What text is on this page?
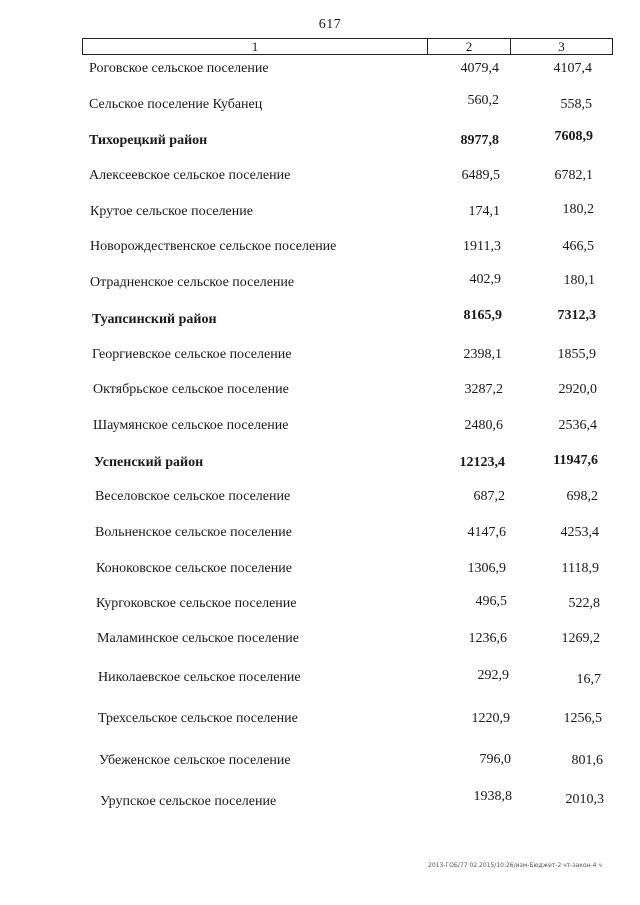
617
1	2	3
Роговское сельское поселение	4079,4	4107,4
Сельское поселение Кубанец	560,2	558,5
Тихорецкий район	8977,8	7608,9
Алексеевское сельское поселение	6489,5	6782,1
Крутое сельское поселение	174,1	180,2
Новорождественское сельское поселение	1911,3	466,5
Отрадненское сельское поселение	402,9	180,1
Туапсинский район	8165,9	7312,3
Георгиевское сельское поселение	2398,1	1855,9
Октябрьское сельское поселение	3287,2	2920,0
Шаумянское сельское поселение	2480,6	2536,4
Успенский район	12123,4	11947,6
Веселовское сельское поселение	687,2	698,2
Вольненское сельское поселение	4147,6	4253,4
Коноковское сельское поселение	1306,9	1118,9
Кургоковское сельское поселение	496,5	522,8
Маламинское сельское поселение	1236,6	1269,2
Николаевское сельское поселение	292,9	16,7
Трехсельское сельское поселение	1220,9	1256,5
Убеженское сельское поселение	796,0	801,6
Урупское сельское поселение	1938,8	2010,3
2013-ГОБ/77 02.2015/10:26/изм-Бюджет-2 чт-закон-4 ч
